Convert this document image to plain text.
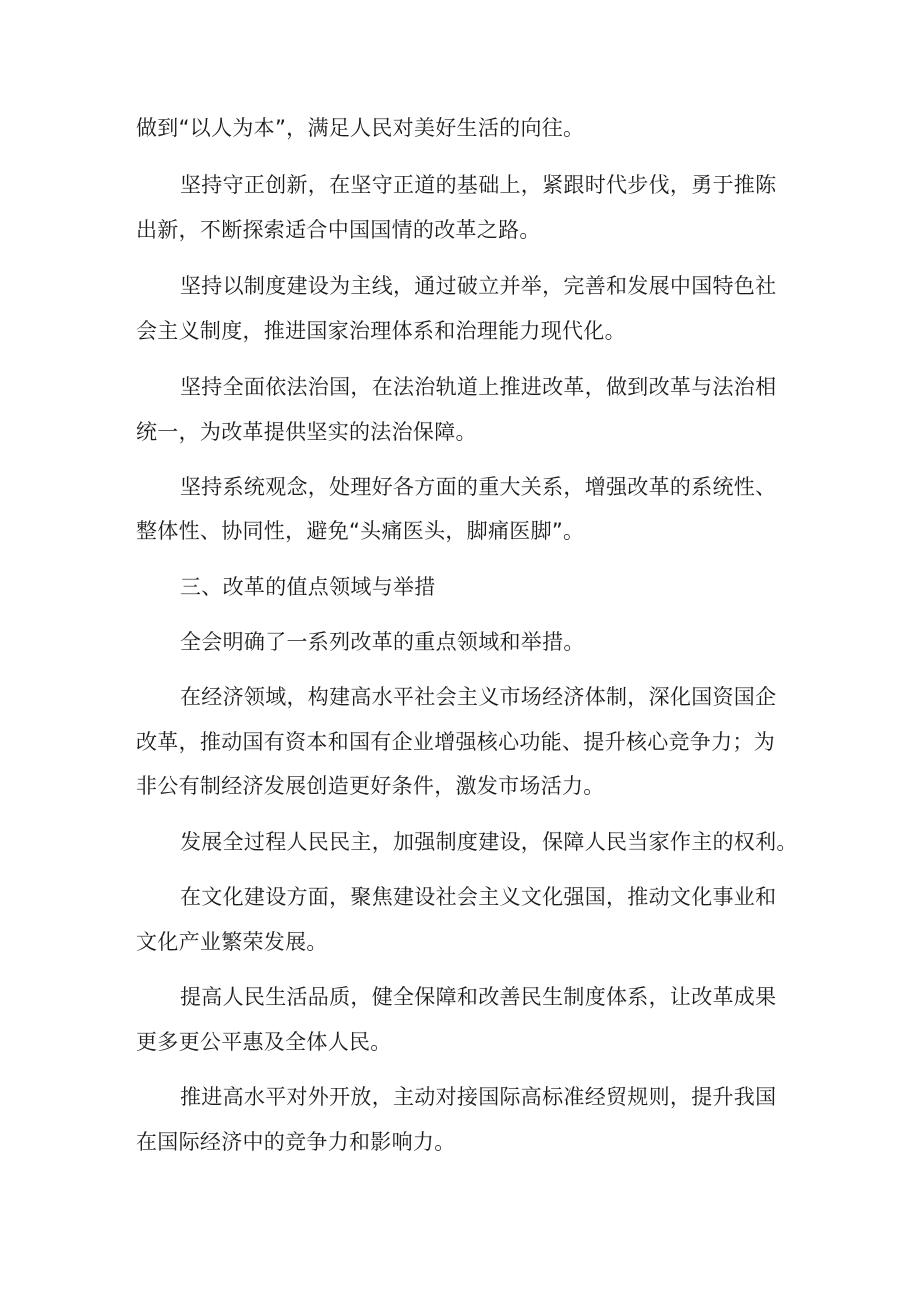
做到“以人为本”，满足人民对美好生活的向往。
坚持守正创新，在坚守正道的基础上，紧跟时代步伐，勇于推陈
出新，不断探索适合中国国情的改革之路。
坚持以制度建设为主线，通过破立并举，完善和发展中国特色社
会主义制度，推进国家治理体系和治理能力现代化。
坚持全面依法治国，在法治轨道上推进改革，做到改革与法治相
统一，为改革提供坚实的法治保障。
坚持系统观念，处理好各方面的重大关系，增强改革的系统性、
整体性、协同性，避免“头痛医头，脚痛医脚”。
三、改革的值点领域与举措
全会明确了一系列改革的重点领域和举措。
在经济领域，构建高水平社会主义市场经济体制，深化国资国企
改革，推动国有资本和国有企业增强核心功能、提升核心竞争力；为
非公有制经济发展创造更好条件，激发市场活力。
发展全过程人民民主，加强制度建设，保障人民当家作主的权利。
在文化建设方面，聚焦建设社会主义文化强国，推动文化事业和
文化产业繁荣发展。
提高人民生活品质，健全保障和改善民生制度体系，让改革成果
更多更公平惠及全体人民。
推进高水平对外开放，主动对接国际高标准经贸规则，提升我国
在国际经济中的竞争力和影响力。
